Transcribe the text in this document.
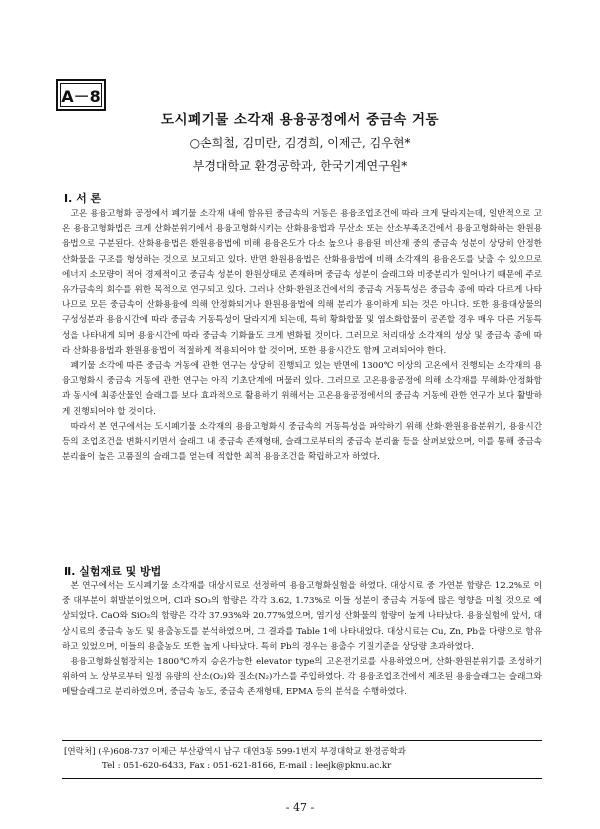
A－8
도시폐기물 소각재 용융공정에서 중금속 거동
○손희철, 김미란, 김경희, 이제근, 김우현*
부경대학교 환경공학과, 한국기계연구원*
Ⅰ. 서 론

고온 용융고형화 공정에서 폐기물 소각재 내에 함유된 중금속의 거동은 용융조업조건에 따라 크게 달라지는데, 일반적으로 고온 용융고형화법은 크게 산화분위기에서 용융고형화시키는 산화용융법과 무산소 또는 산소부족조건에서 용융고형화하는 환원용융법으로 구분된다. 산화용융법은 환원용융법에 비해 용융온도가 다소 높으나 용융된 비산재 중의 중금속 성분이 상당히 안정한 산화물을 구조를 형성하는 것으로 보고되고 있다. 반면 환원용융법은 산화용융법에 비해 소각재의 용융온도를 낮출 수 있으므로 에너지 소모량이 적어 경제적이고 중금속 성분이 환원상태로 존재하며 중금속 성분이 슬래그와 비중분리가 일어나기 때문에 주로 유가금속의 회수를 위한 목적으로 연구되고 있다. 그러나 산화·환원조건에서의 중금속 거동특성은 중금속 종에 따라 다르게 나타나므로 모든 중금속이 산화용융에 의해 안정화되거나 환원용융법에 의해 분리가 용이하게 되는 것은 아니다. 또한 용융대상물의 구성성분과 용융시간에 따라 중금속 거동특성이 달라지게 되는데, 특히 황화합물 및 염소화합물이 공존할 경우 매우 다른 거동특성을 나타내게 되며 용융시간에 따라 중금속 기화율도 크게 변화될 것이다. 그러므로 처리대상 소각재의 성상 및 중금속 종에 따라 산화용융법과 환원용융법이 적절하게 적용되어야 할 것이며, 또한 용융시간도 함께 고려되어야 한다.

폐기물 소각에 따른 중금속 거동에 관한 연구는 상당히 진행되고 있는 반면에 1300℃ 이상의 고온에서 진행되는 소각재의 용융고형화시 중금속 거동에 관한 연구는 아직 기초단계에 머물러 있다. 그러므로 고온용융공정에 의해 소각재를 무해화·안정화함과 동시에 최종산물인 슬래그를 보다 효과적으로 활용하기 위해서는 고온용융공정에서의 중금속 거동에 관한 연구가 보다 활발하게 진행되어야 할 것이다.

따라서 본 연구에서는 도시폐기물 소각재의 용융고형화시 중금속의 거동특성을 파악하기 위해 산화·환원용융분위기, 용융시간 등의 조업조건을 변화시키면서 슬래그 내 중금속 존재형태, 슬래그로부터의 중금속 분리율 등을 살펴보았으며, 이를 통해 중금속 분리율이 높은 고품질의 슬래그를 얻는데 적합한 최적 용융조건을 확립하고자 하였다.

Ⅱ. 실험재료 및 방법

본 연구에서는 도시폐기물 소각재를 대상시료로 선정하여 용융고형화실험을 하였다. 대상시료 중 가연분 함량은 12.2%로 이중 대부분이 휘발분이었으며, Cl과 SO₃의 함량은 각각 3.62, 1.73%로 이들 성분이 중금속 거동에 많은 영향을 미칠 것으로 예상되었다. CaO와 SiO₂의 함량은 각각 37.93%와 20.77%였으며, 염기성 산화물의 함량이 높게 나타났다. 용융실험에 앞서, 대상시료의 중금속 농도 및 용출농도를 분석하였으며, 그 결과를 Table 1에 나타내었다. 대상시료는 Cu, Zn, Pb을 다량으로 함유하고 있었으며, 이들의 용출농도 또한 높게 나타났다. 특히 Pb의 경우는 용출수 기질기준을 상당량 초과하였다.

용융고형화실험장치는 1800℃까지 승온가능한 elevator type의 고온전기로를 사용하였으며, 산화·환원분위기를 조성하기 위하여 노 상부로부터 일정 유량의 산소(O₂)와 질소(N₂)가스를 주입하였다. 각 용융조업조건에서 제조된 용융슬래그는 슬래그와 메탈슬래그로 분리하였으며, 중금속 농도, 중금속 존재형태, EPMA 등의 분석을 수행하였다.

[연락처] (우)608-737 이제근 부산광역시 남구 대연3동 599-1번지 부경대학교 환경공학과
Tel : 051-620-6433, Fax : 051-621-8166, E-mail : leejk@pknu.ac.kr
- 47 -
